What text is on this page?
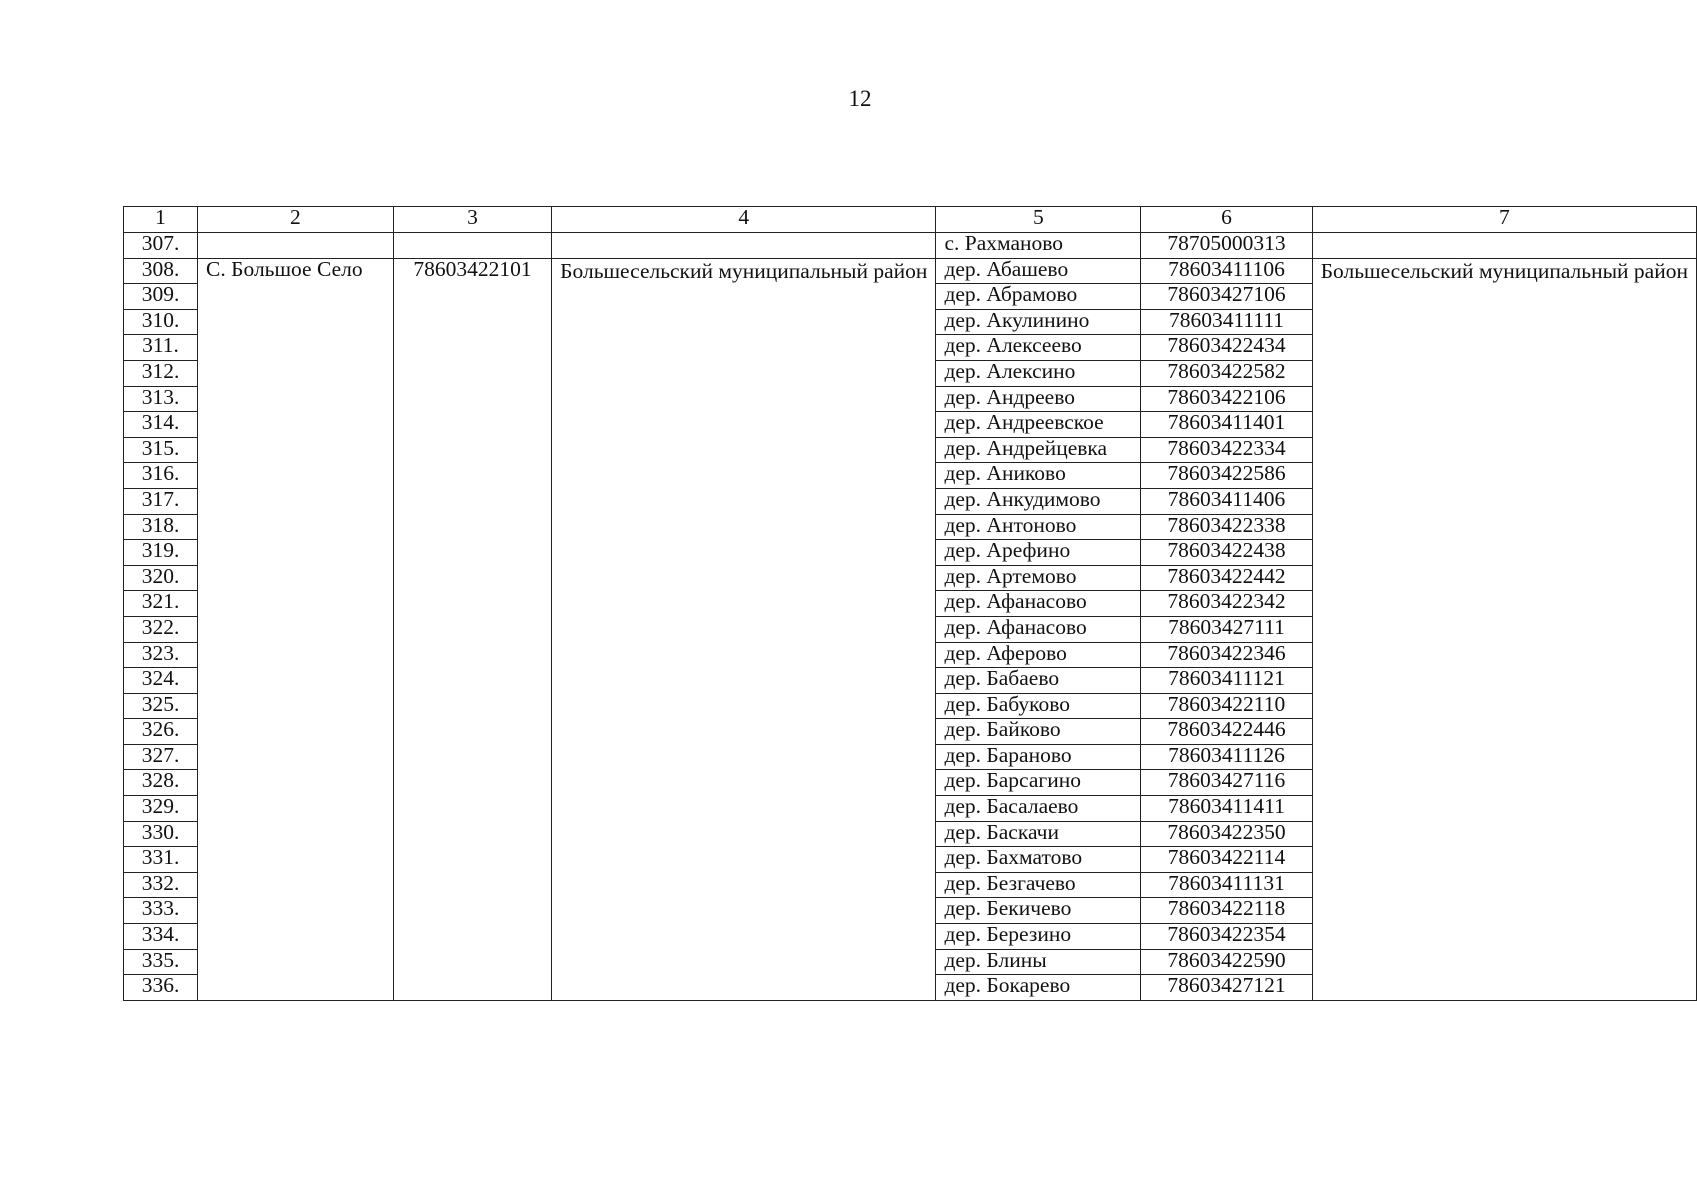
12
1	2	3	4	5	6	7
307.				с. Рахманово	78705000313	
308.	С. Большое Село	78603422101	Большесельский муниципальный район	дер. Абашево	78603411106	Большесельский муниципальный район
309.				дер. Абрамово	78603427106	
310.				дер. Акулинино	78603411111	
311.				дер. Алексеево	78603422434	
312.				дер. Алексино	78603422582	
313.				дер. Андреево	78603422106	
314.				дер. Андреевское	78603411401	
315.				дер. Андрейцевка	78603422334	
316.				дер. Аниково	78603422586	
317.				дер. Анкудимово	78603411406	
318.				дер. Антоново	78603422338	
319.				дер. Арефино	78603422438	
320.				дер. Артемово	78603422442	
321.				дер. Афанасово	78603422342	
322.				дер. Афанасово	78603427111	
323.				дер. Аферово	78603422346	
324.				дер. Бабаево	78603411121	
325.				дер. Бабуково	78603422110	
326.				дер. Байково	78603422446	
327.				дер. Бараново	78603411126	
328.				дер. Барсагино	78603427116	
329.				дер. Басалаево	78603411411	
330.				дер. Баскачи	78603422350	
331.				дер. Бахматово	78603422114	
332.				дер. Безгачево	78603411131	
333.				дер. Бекичево	78603422118	
334.				дер. Березино	78603422354	
335.				дер. Блины	78603422590	
336.				дер. Бокарево	78603427121	
